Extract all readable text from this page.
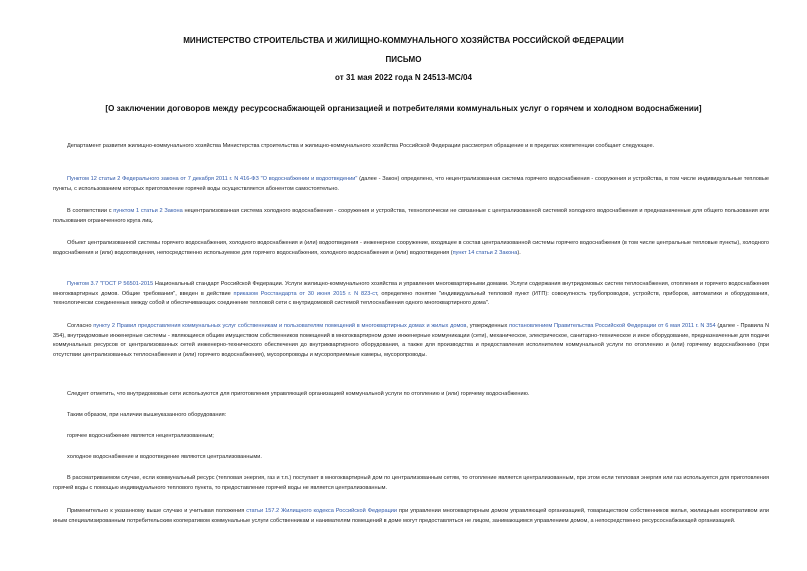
МИНИСТЕРСТВО СТРОИТЕЛЬСТВА И ЖИЛИЩНО-КОММУНАЛЬНОГО ХОЗЯЙСТВА РОССИЙСКОЙ ФЕДЕРАЦИИ
ПИСЬМО
от 31 мая 2022 года N 24513-МС/04
[О заключении договоров между ресурсоснабжающей организацией и потребителями коммунальных услуг о горячем и холодном водоснабжении]

Департамент развития жилищно-коммунального хозяйства Министерства строительства и жилищно-коммунального хозяйства Российской Федерации рассмотрел обращение и в пределах компетенции сообщает следующее.

Пунктом 12 статьи 2 Федерального закона от 7 декабря 2011 г. N 416-ФЗ "О водоснабжении и водоотведении" (далее - Закон) определено, что нецентрализованная система горячего водоснабжения - сооружения и устройства, в том числе индивидуальные тепловые пункты, с использованием которых приготовление горячей воды осуществляется абонентом самостоятельно.

В соответствии с пунктом 1 статьи 2 Закона нецентрализованная система холодного водоснабжения - сооружения и устройства, технологически не связанные с централизованной системой холодного водоснабжения и предназначенные для общего пользования или пользования ограниченного круга лиц.

Объект централизованной системы горячего водоснабжения, холодного водоснабжения и (или) водоотведения - инженерное сооружение, входящее в состав централизованной системы горячего водоснабжения (в том числе центральные тепловые пункты), холодного водоснабжения и (или) водоотведения, непосредственно используемое для горячего водоснабжения, холодного водоснабжения и (или) водоотведения (пункт 14 статьи 2 Закона).

Пунктом 3.7 "ГОСТ Р 56501-2015 Национальный стандарт Российской Федерации. Услуги жилищно-коммунального хозяйства и управления многоквартирными домами. Услуги содержания внутридомовых систем теплоснабжения, отопления и горячего водоснабжения многоквартирных домов. Общие требования", введен в действие приказом Росстандарта от 30 июня 2015 г. N 823-ст, определено понятие "индивидуальный тепловой пункт (ИТП): совокупность трубопроводов, устройств, приборов, автоматики и оборудования, технологически соединенных между собой и обеспечивающих соединение тепловой сети с внутридомовой системой теплоснабжения одного многоквартирного дома".

Согласно пункту 2 Правил предоставления коммунальных услуг собственникам и пользователям помещений в многоквартирных домах и жилых домов, утвержденных постановлением Правительства Российской Федерации от 6 мая 2011 г. N 354 (далее - Правила N 354), внутридомовые инженерные системы - являющиеся общим имуществом собственников помещений в многоквартирном доме инженерные коммуникации (сети), механическое, электрическое, санитарно-техническое и иное оборудование, предназначенные для подачи коммунальных ресурсов от централизованных сетей инженерно-технического обеспечения до внутриквартирного оборудования, а также для производства и предоставления исполнителем коммунальной услуги по отоплению и (или) горячему водоснабжению (при отсутствии централизованных теплоснабжения и (или) горячего водоснабжения), мусоропроводы и мусороприемные камеры, мусоропроводы.

Следует отметить, что внутридомовые сети используются для приготовления управляющей организацией коммунальной услуги по отоплению и (или) горячему водоснабжению.

Таким образом, при наличии вышеуказанного оборудования:

горячее водоснабжение является нецентрализованным;

холодное водоснабжение и водоотведение являются централизованными.

В рассматриваемом случае, если коммунальный ресурс (тепловая энергия, газ и т.п.) поступает в многоквартирный дом по централизованным сетям, то отопление является централизованным, при этом если тепловая энергия или газ используется для приготовления горячей воды с помощью индивидуального теплового пункта, то предоставление горячей воды не является централизованным.

Применительно к указанному выше случаю и учитывая положения статьи 157.2 Жилищного кодекса Российской Федерации при управлении многоквартирным домом управляющей организацией, товариществом собственников жилья, жилищным кооперативом или иным специализированным потребительским кооперативом коммунальные услуги собственникам и нанимателям помещений в доме могут предоставляться не лицом, занимающимся управлением домом, а непосредственно ресурсоснабжающей организацией.
